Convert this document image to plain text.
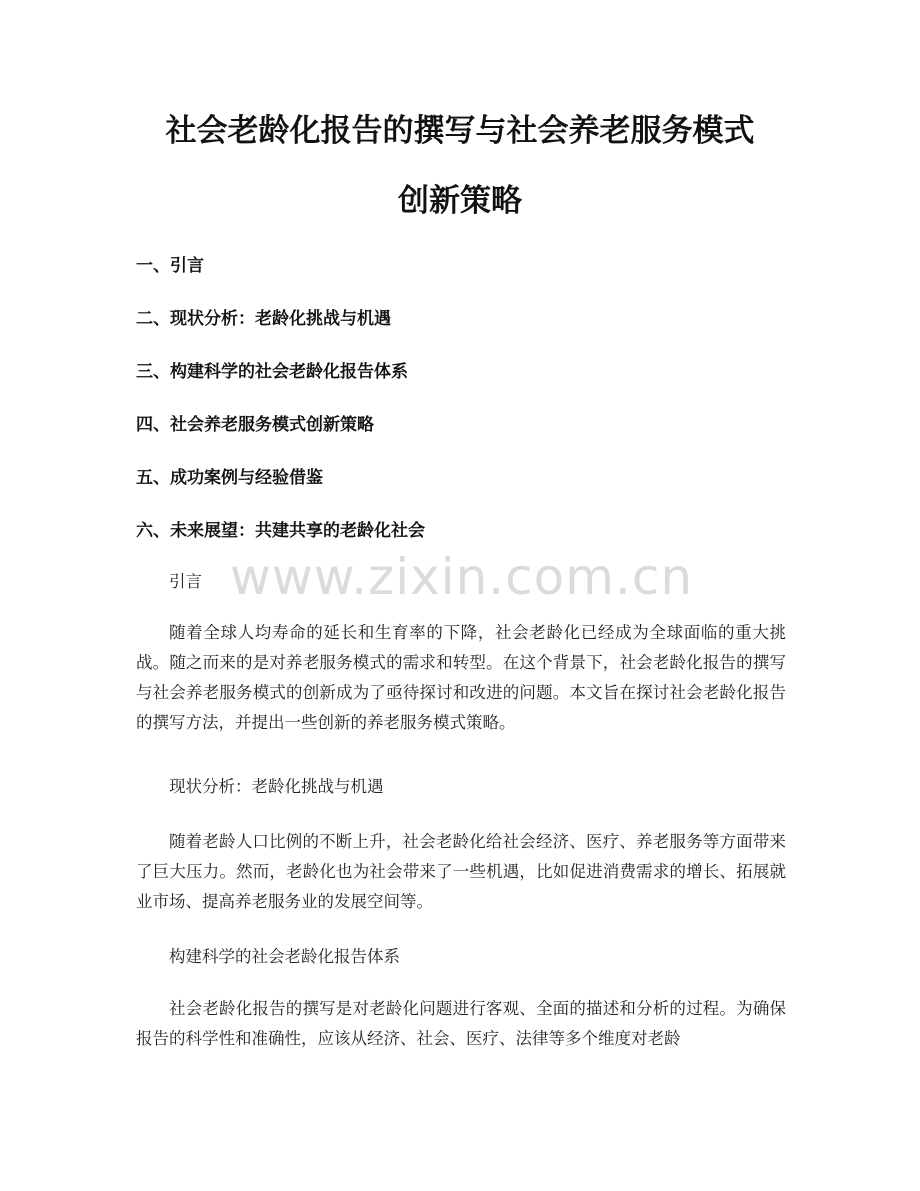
社会老龄化报告的撰写与社会养老服务模式
创新策略
一、引言
二、现状分析：老龄化挑战与机遇
三、构建科学的社会老龄化报告体系
四、社会养老服务模式创新策略
五、成功案例与经验借鉴
六、未来展望：共建共享的老龄化社会
引言

随着全球人均寿命的延长和生育率的下降，社会老龄化已经成为全球面临的重大挑战。随之而来的是对养老服务模式的需求和转型。在这个背景下，社会老龄化报告的撰写与社会养老服务模式的创新成为了亟待探讨和改进的问题。本文旨在探讨社会老龄化报告的撰写方法，并提出一些创新的养老服务模式策略。

现状分析：老龄化挑战与机遇

随着老龄人口比例的不断上升，社会老龄化给社会经济、医疗、养老服务等方面带来了巨大压力。然而，老龄化也为社会带来了一些机遇，比如促进消费需求的增长、拓展就业市场、提高养老服务业的发展空间等。

构建科学的社会老龄化报告体系

社会老龄化报告的撰写是对老龄化问题进行客观、全面的描述和分析的过程。为确保报告的科学性和准确性，应该从经济、社会、医疗、法律等多个维度对老龄

www.zixin.com.cn
